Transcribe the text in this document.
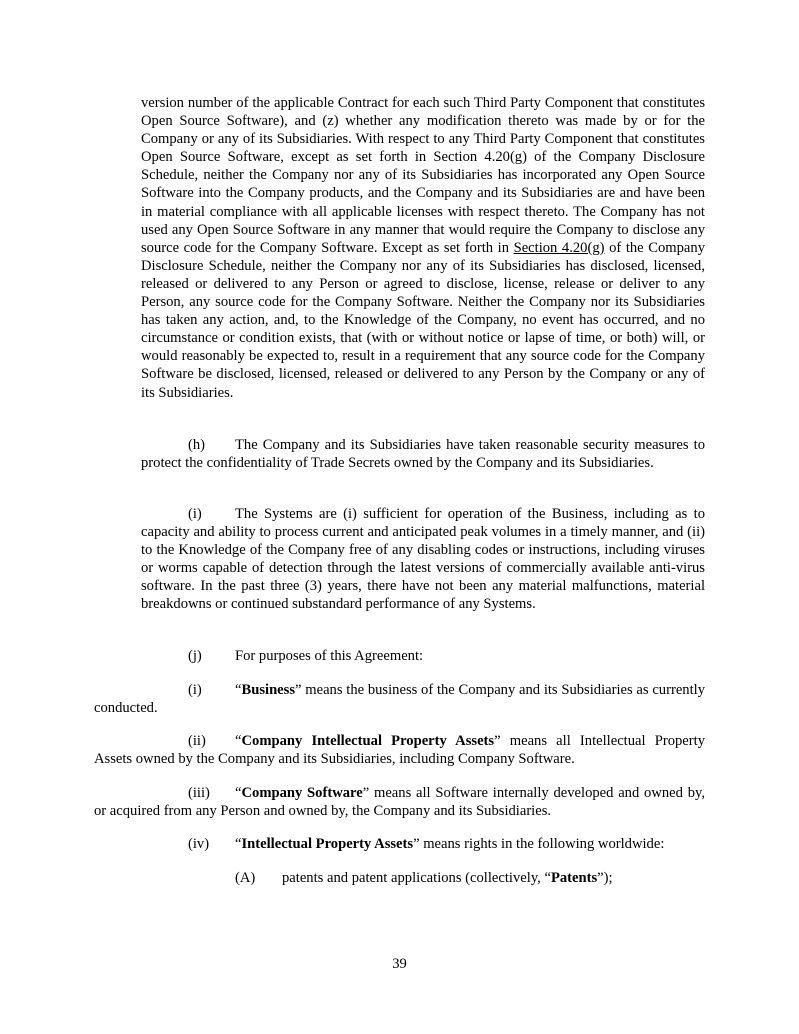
version number of the applicable Contract for each such Third Party Component that constitutes Open Source Software), and (z) whether any modification thereto was made by or for the Company or any of its Subsidiaries. With respect to any Third Party Component that constitutes Open Source Software, except as set forth in Section 4.20(g) of the Company Disclosure Schedule, neither the Company nor any of its Subsidiaries has incorporated any Open Source Software into the Company products, and the Company and its Subsidiaries are and have been in material compliance with all applicable licenses with respect thereto. The Company has not used any Open Source Software in any manner that would require the Company to disclose any source code for the Company Software. Except as set forth in Section 4.20(g) of the Company Disclosure Schedule, neither the Company nor any of its Subsidiaries has disclosed, licensed, released or delivered to any Person or agreed to disclose, license, release or deliver to any Person, any source code for the Company Software. Neither the Company nor its Subsidiaries has taken any action, and, to the Knowledge of the Company, no event has occurred, and no circumstance or condition exists, that (with or without notice or lapse of time, or both) will, or would reasonably be expected to, result in a requirement that any source code for the Company Software be disclosed, licensed, released or delivered to any Person by the Company or any of its Subsidiaries.

(h) The Company and its Subsidiaries have taken reasonable security measures to protect the confidentiality of Trade Secrets owned by the Company and its Subsidiaries.

(i) The Systems are (i) sufficient for operation of the Business, including as to capacity and ability to process current and anticipated peak volumes in a timely manner, and (ii) to the Knowledge of the Company free of any disabling codes or instructions, including viruses or worms capable of detection through the latest versions of commercially available anti-virus software. In the past three (3) years, there have not been any material malfunctions, material breakdowns or continued substandard performance of any Systems.

(j) For purposes of this Agreement:

(i) “Business” means the business of the Company and its Subsidiaries as currently conducted.

(ii) “Company Intellectual Property Assets” means all Intellectual Property Assets owned by the Company and its Subsidiaries, including Company Software.

(iii) “Company Software” means all Software internally developed and owned by, or acquired from any Person and owned by, the Company and its Subsidiaries.

(iv) “Intellectual Property Assets” means rights in the following worldwide:

(A) patents and patent applications (collectively, “Patents”);

39
